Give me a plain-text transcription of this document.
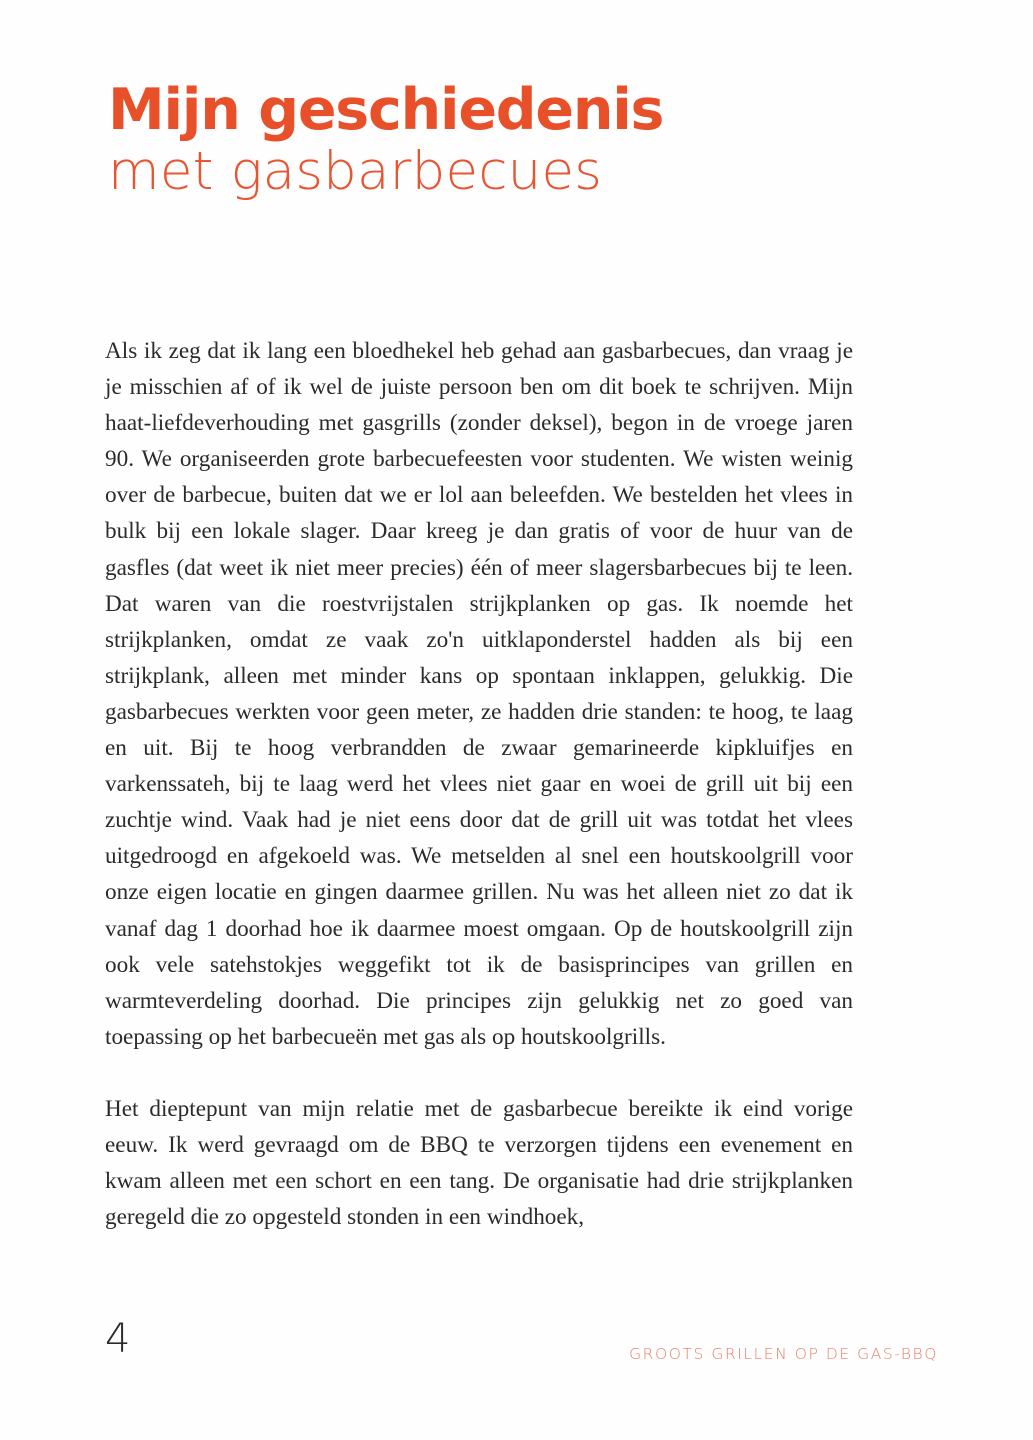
Mijn geschiedenis
met gasbarbecues

Als ik zeg dat ik lang een bloedhekel heb gehad aan gasbarbecues, dan vraag je je misschien af of ik wel de juiste persoon ben om dit boek te schrijven. Mijn haat-liefdeverhouding met gasgrills (zonder deksel), begon in de vroege jaren 90. We organiseerden grote barbecuefeesten voor studenten. We wisten weinig over de barbecue, buiten dat we er lol aan beleefden. We bestelden het vlees in bulk bij een lokale slager. Daar kreeg je dan gratis of voor de huur van de gasfles (dat weet ik niet meer precies) één of meer slagersbarbecues bij te leen. Dat waren van die roestvrijstalen strijkplanken op gas. Ik noemde het strijkplanken, omdat ze vaak zo'n uitklaponderstel hadden als bij een strijkplank, alleen met minder kans op spontaan inklappen, gelukkig. Die gasbarbecues werkten voor geen meter, ze hadden drie standen: te hoog, te laag en uit. Bij te hoog verbrandden de zwaar gemarineerde kipkluifjes en varkenssateh, bij te laag werd het vlees niet gaar en woei de grill uit bij een zuchtje wind. Vaak had je niet eens door dat de grill uit was totdat het vlees uitgedroogd en afgekoeld was. We metselden al snel een houtskoolgrill voor onze eigen locatie en gingen daarmee grillen. Nu was het alleen niet zo dat ik vanaf dag 1 doorhad hoe ik daarmee moest omgaan. Op de houtskoolgrill zijn ook vele satehstokjes weggefikt tot ik de basisprincipes van grillen en warmteverdeling doorhad. Die principes zijn gelukkig net zo goed van toepassing op het barbecueën met gas als op houtskoolgrills.

Het dieptepunt van mijn relatie met de gasbarbecue bereikte ik eind vorige eeuw. Ik werd gevraagd om de BBQ te verzorgen tijdens een evenement en kwam alleen met een schort en een tang. De organisatie had drie strijkplanken geregeld die zo opgesteld stonden in een windhoek,

4	GROOTS GRILLEN OP DE GAS-BBQ
